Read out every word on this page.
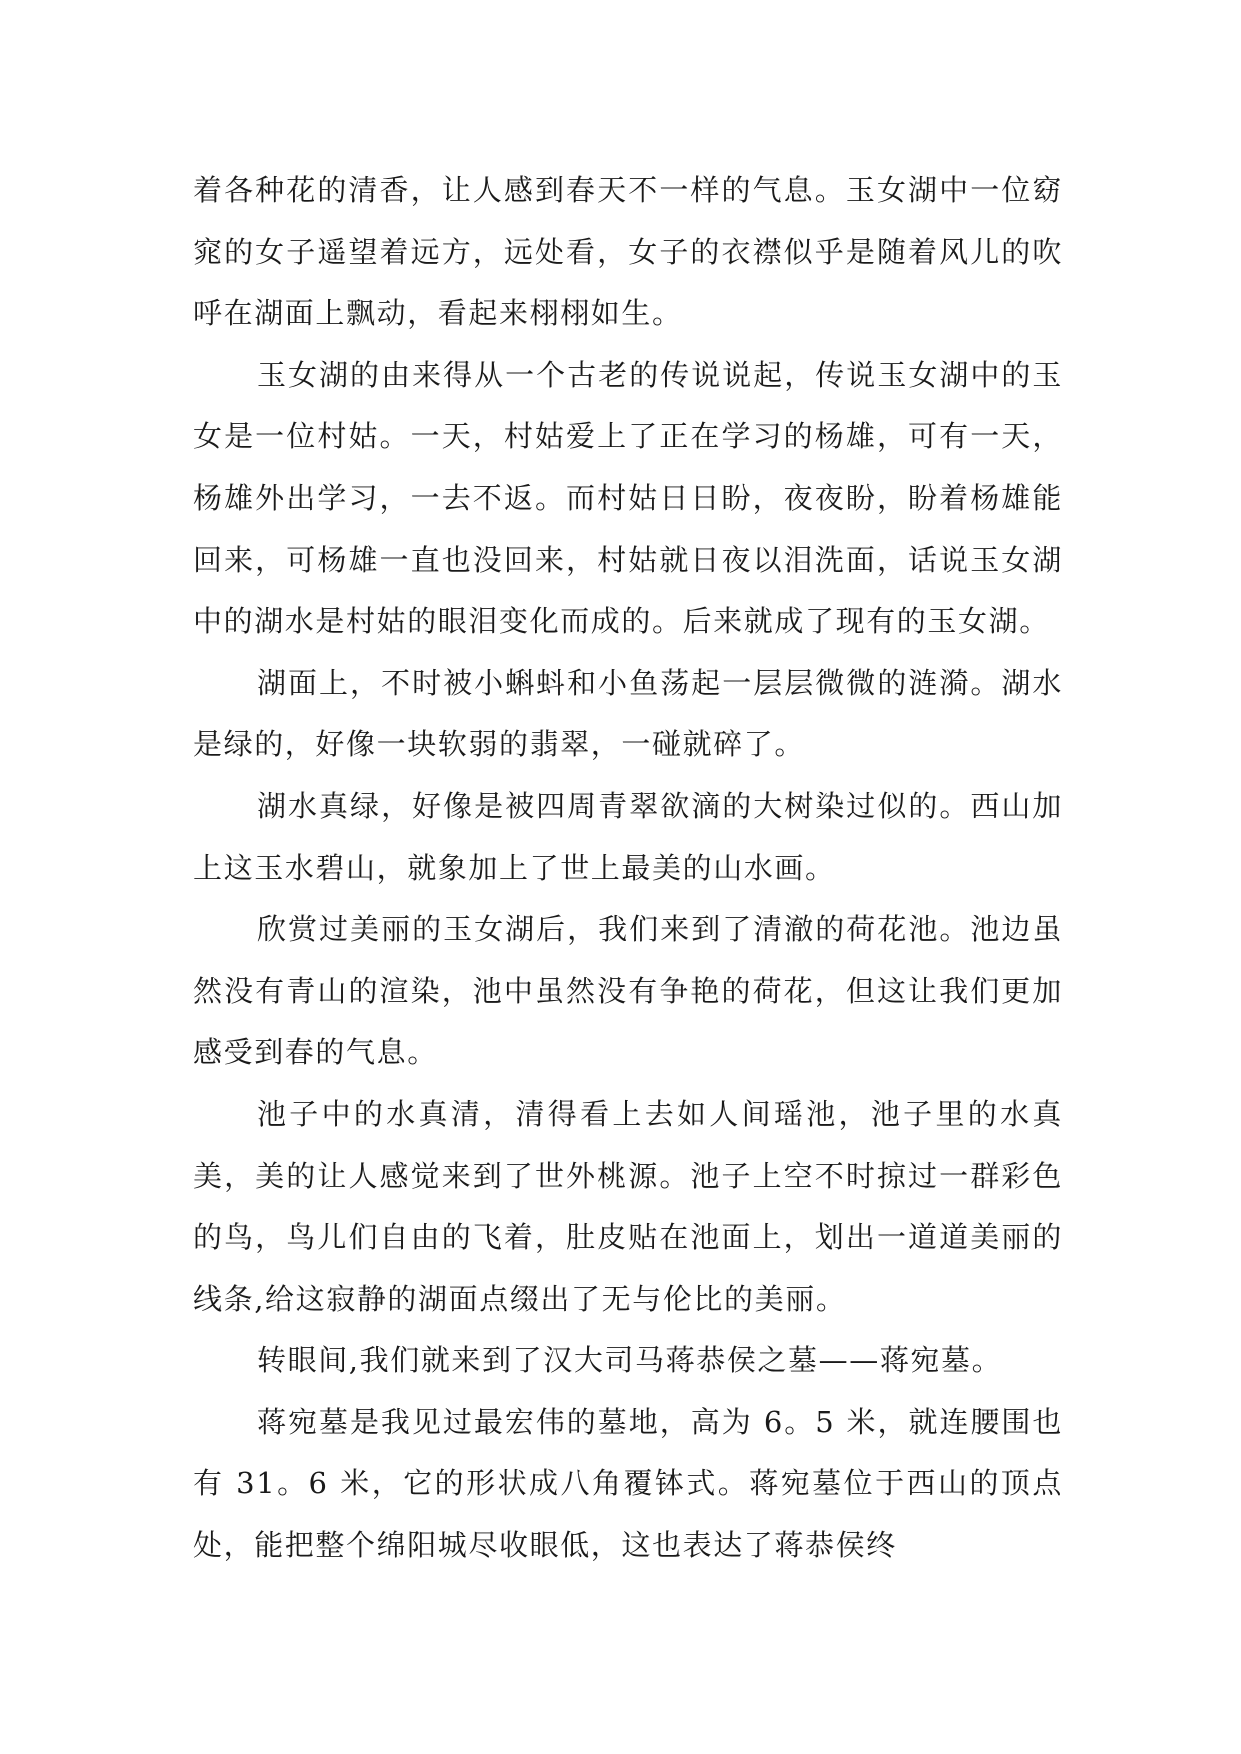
着各种花的清香，让人感到春天不一样的气息。玉女湖中一位窈窕的女子遥望着远方，远处看，女子的衣襟似乎是随着风儿的吹呼在湖面上飘动，看起来栩栩如生。

玉女湖的由来得从一个古老的传说说起，传说玉女湖中的玉女是一位村姑。一天，村姑爱上了正在学习的杨雄，可有一天，杨雄外出学习，一去不返。而村姑日日盼，夜夜盼，盼着杨雄能回来，可杨雄一直也没回来，村姑就日夜以泪洗面，话说玉女湖中的湖水是村姑的眼泪变化而成的。后来就成了现有的玉女湖。

湖面上，不时被小蝌蚪和小鱼荡起一层层微微的涟漪。湖水是绿的，好像一块软弱的翡翠，一碰就碎了。

湖水真绿，好像是被四周青翠欲滴的大树染过似的。西山加上这玉水碧山，就象加上了世上最美的山水画。

欣赏过美丽的玉女湖后，我们来到了清澈的荷花池。池边虽然没有青山的渲染，池中虽然没有争艳的荷花，但这让我们更加感受到春的气息。

池子中的水真清，清得看上去如人间瑶池，池子里的水真美，美的让人感觉来到了世外桃源。池子上空不时掠过一群彩色的鸟，鸟儿们自由的飞着，肚皮贴在池面上，划出一道道美丽的线条,给这寂静的湖面点缀出了无与伦比的美丽。

转眼间,我们就来到了汉大司马蒋恭侯之墓——蒋宛墓。

蒋宛墓是我见过最宏伟的墓地，高为 6。5 米，就连腰围也有 31。6 米，它的形状成八角覆钵式。蒋宛墓位于西山的顶点处，能把整个绵阳城尽收眼低，这也表达了蒋恭侯终
